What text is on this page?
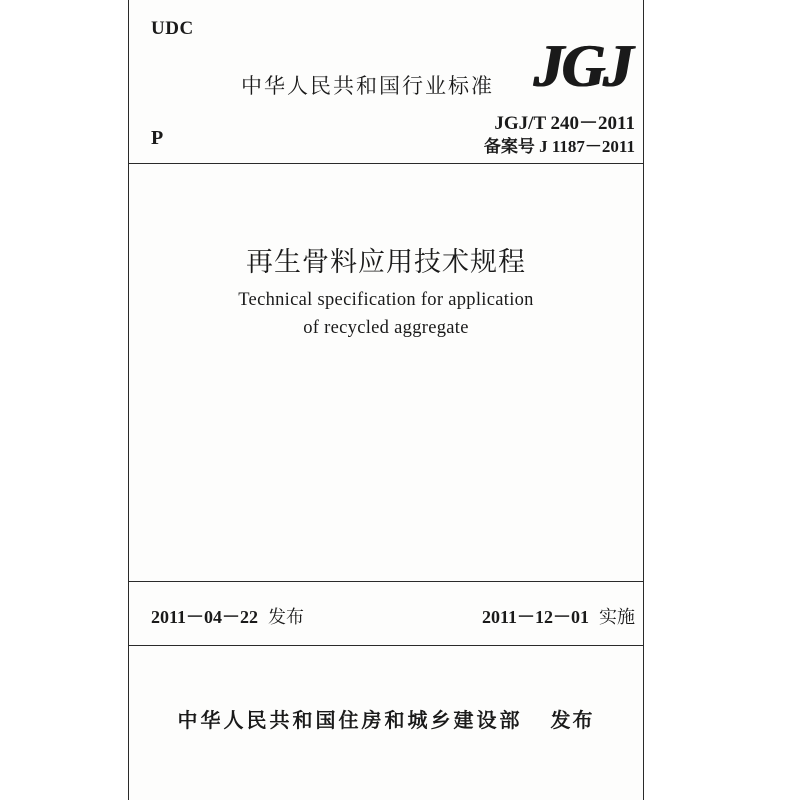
UDC
中华人民共和国行业标准 JGJ
JGJ/T 240－2011
P	备案号 J 1187－2011
再生骨料应用技术规程
Technical specification for application
of recycled aggregate
2011－04－22 发布	2011－12－01 实施
中华人民共和国住房和城乡建设部 发布
